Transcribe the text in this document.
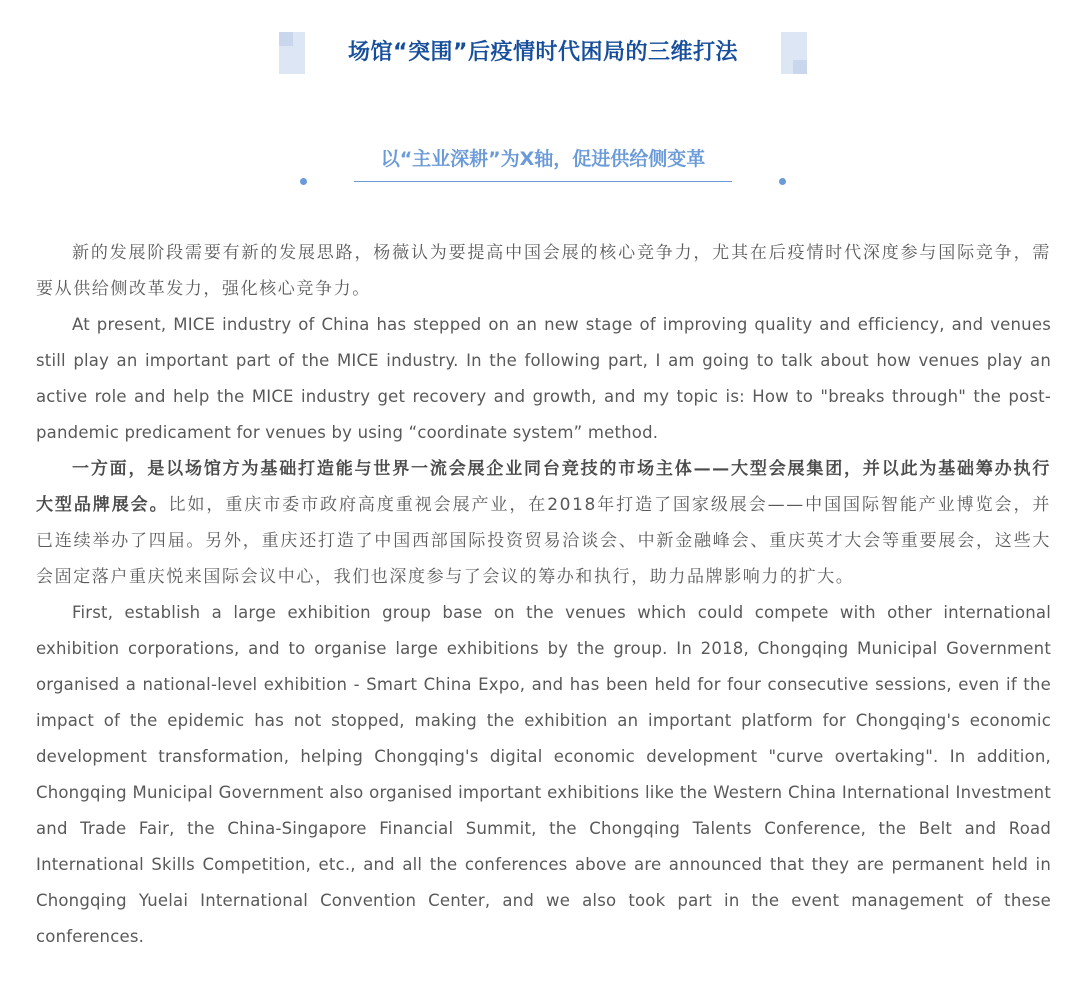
场馆“突围”后疫情时代困局的三维打法
以“主业深耕”为X轴，促进供给侧变革

新的发展阶段需要有新的发展思路，杨薇认为要提高中国会展的核心竞争力，尤其在后疫情时代深度参与国际竞争，需要从供给侧改革发力，强化核心竞争力。

At present, MICE industry of China has stepped on an new stage of improving quality and efficiency, and venues still play an important part of the MICE industry. In the following part, I am going to talk about how venues play an active role and help the MICE industry get recovery and growth, and my topic is: How to "breaks through" the post-pandemic predicament for venues by using “coordinate system” method.

一方面，是以场馆方为基础打造能与世界一流会展企业同台竞技的市场主体——大型会展集团，并以此为基础筹办执行大型品牌展会。比如，重庆市委市政府高度重视会展产业，在2018年打造了国家级展会——中国国际智能产业博览会，并已连续举办了四届。另外，重庆还打造了中国西部国际投资贸易洽谈会、中新金融峰会、重庆英才大会等重要展会，这些大会固定落户重庆悦来国际会议中心，我们也深度参与了会议的筹办和执行，助力品牌影响力的扩大。

First, establish a large exhibition group base on the venues which could compete with other international exhibition corporations, and to organise large exhibitions by the group. In 2018, Chongqing Municipal Government organised a national-level exhibition - Smart China Expo, and has been held for four consecutive sessions, even if the impact of the epidemic has not stopped, making the exhibition an important platform for Chongqing's economic development transformation, helping Chongqing's digital economic development "curve overtaking". In addition, Chongqing Municipal Government also organised important exhibitions like the Western China International Investment and Trade Fair, the China-Singapore Financial Summit, the Chongqing Talents Conference, the Belt and Road International Skills Competition, etc., and all the conferences above are announced that they are permanent held in Chongqing Yuelai International Convention Center, and we also took part in the event management of these conferences.
